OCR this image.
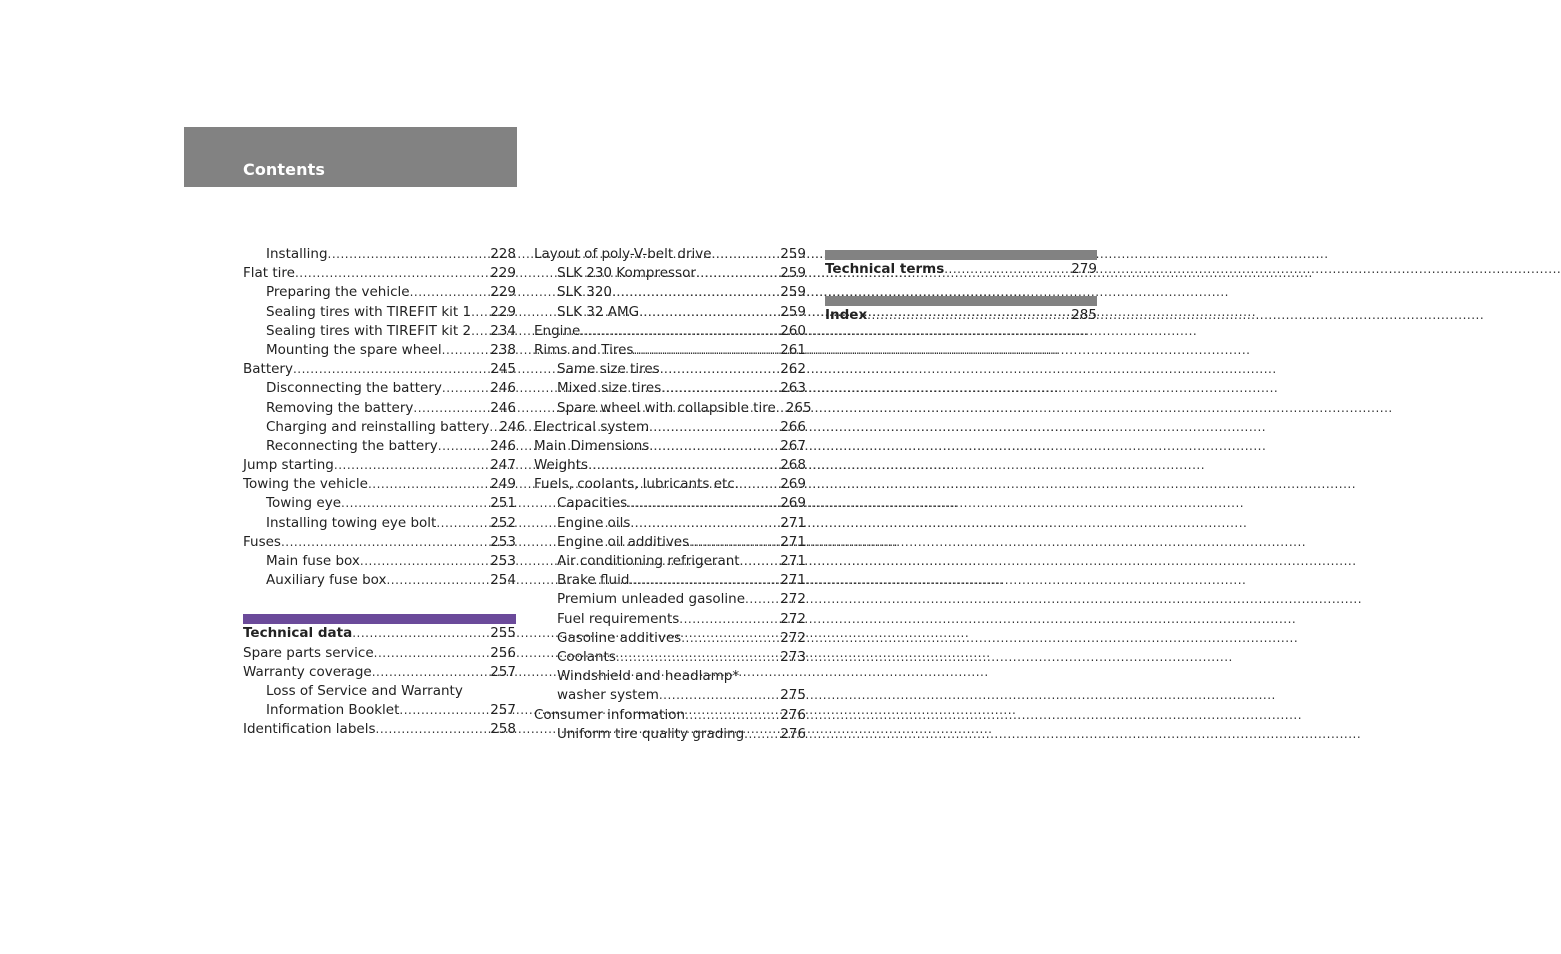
Contents
Installing .....	228
Flat tire .....	229
Preparing the vehicle .....	229
Sealing tires with TIREFIT kit 1 .....	229
Sealing tires with TIREFIT kit 2 .....	234
Mounting the spare wheel .....	238
Battery .....	245
Disconnecting the battery .....	246
Removing the battery .....	246
Charging and reinstalling battery ..... 246
Reconnecting the battery .....	246
Jump starting .....	247
Towing the vehicle .....	249
Towing eye .....	251
Installing towing eye bolt .....	252
Fuses .....	253
Main fuse box .....	253
Auxiliary fuse box .....	254
Technical data .....	255
Spare parts service .....	256
Warranty coverage .....	257
Loss of Service and Warranty
Information Booklet .....	257
Identification labels .....	258
Layout of poly-V-belt drive .....	259
SLK 230 Kompressor .....	259
SLK 320 .....	259
SLK 32 AMG .....	259
Engine .....	260
Rims and Tires .....	261
Same size tires .....	262
Mixed size tires .....	263
Spare wheel with collapsible tire ..... 265
Electrical system .....	266
Main Dimensions .....	267
Weights .....	268
Fuels, coolants, lubricants etc. .....	269
Capacities .....	269
Engine oils .....	271
Engine oil additives .....	271
Air conditioning refrigerant .....	271
Brake fluid .....	271
Premium unleaded gasoline .....	272
Fuel requirements .....	272
Gasoline additives .....	272
Coolants .....	273
Windshield and headlamp*
washer system .....	275
Consumer information .....	276
Uniform tire quality grading .....	276
Technical terms .....	279
Index .....	285
